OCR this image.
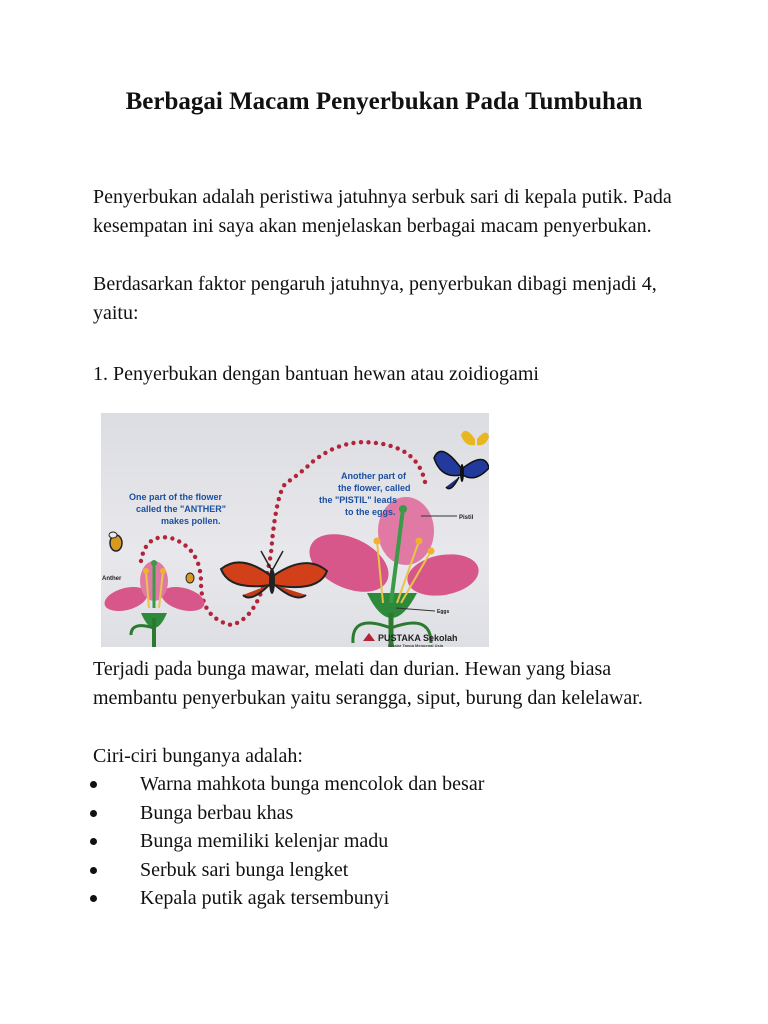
Berbagai Macam Penyerbukan Pada Tumbuhan

Penyerbukan adalah peristiwa jatuhnya serbuk sari di kepala putik. Pada kesempatan ini saya akan menjelaskan berbagai macam penyerbukan.

Berdasarkan faktor pengaruh jatuhnya, penyerbukan dibagi menjadi 4, yaitu:

1. Penyerbukan dengan bantuan hewan atau zoidiogami

One part of the flower
called the "ANTHER"
makes pollen.
Another part of
the flower, called
the "PISTIL" leads
to the eggs.
Pistil
Anther
Eggs
PUSTAKA Sekolah
Belajar Tanpa Mengenal Usia

Terjadi pada bunga mawar, melati dan durian. Hewan yang biasa membantu penyerbukan yaitu serangga, siput, burung dan kelelawar.

Ciri-ciri bunganya adalah:

Warna mahkota bunga mencolok dan besar
Bunga berbau khas
Bunga memiliki kelenjar madu
Serbuk sari bunga lengket
Kepala putik agak tersembunyi
